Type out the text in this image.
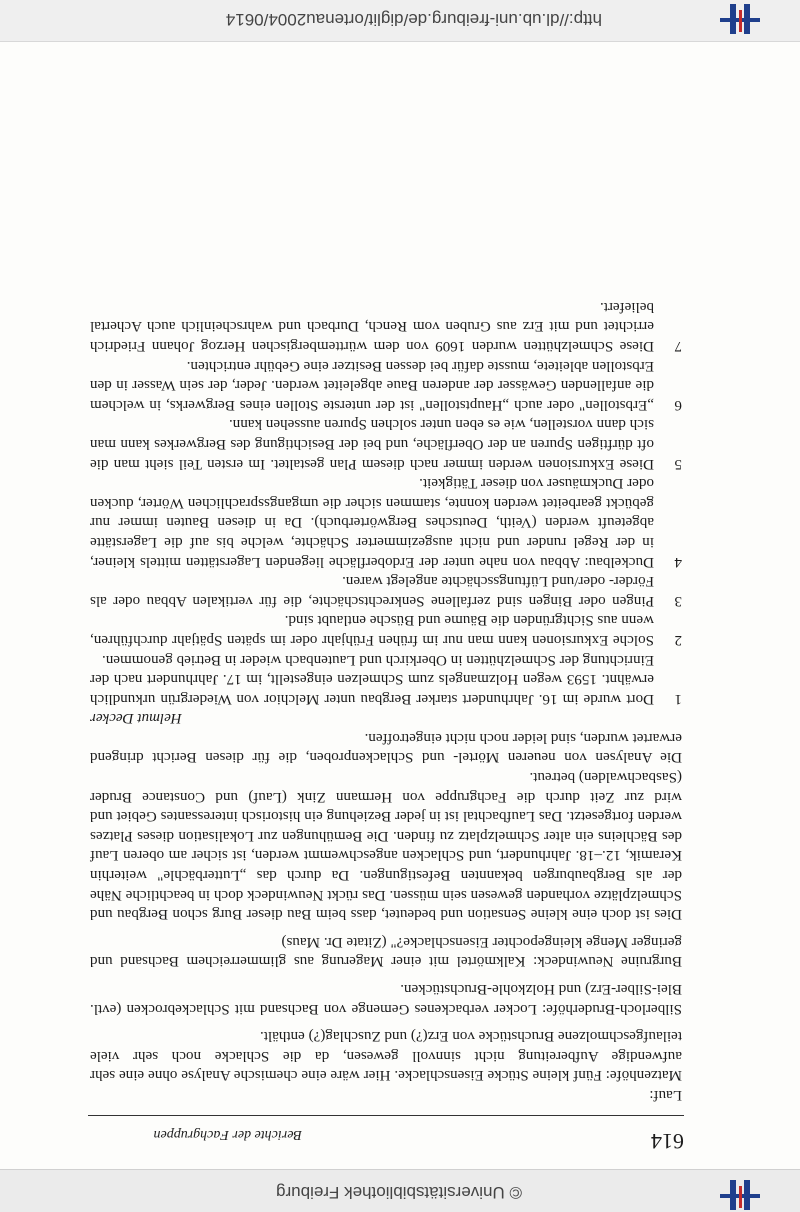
© Universitätsbibliothek Freiburg
http://dl.ub.uni-freiburg.de/diglit/ortenau2004/0614
614
Berichte der Fachgruppen

Lauf:

Matzenhöfe: Fünf kleine Stücke Eisenschlacke. Hier wäre eine chemische Analyse ohne eine sehr aufwendige Aufbereitung nicht sinnvoll gewesen, da die Schlacke noch sehr viele teilaufgeschmolzene Bruchstücke von Erz(?) und Zuschlag(?) enthält.

Silberloch-Bruderhöfe: Locker verbackenes Gemenge von Bachsand mit Schlackebrocken (evtl. Blei-Silber-Erz) und Holzkohle-Bruchstücken.

Burgruine Neuwindeck: Kalkmörtel mit einer Magerung aus glimmerreichem Bachsand und geringer Menge kleingepochter Eisenschlacke?" (Zitate Dr. Maus)

Dies ist doch eine kleine Sensation und bedeutet, dass beim Bau dieser Burg schon Bergbau und Schmelzplätze vorhanden gewesen sein müssen. Das rückt Neuwindeck doch in beachtliche Nähe der als Bergbauburgen bekannten Befestigungen. Da durch das „Lutterbächle" weiterhin Keramik, 12.–18. Jahrhundert, und Schlacken angeschwemmt werden, ist sicher am oberen Lauf des Bächleins ein alter Schmelzplatz zu finden. Die Bemühungen zur Lokalisation dieses Platzes werden fortgesetzt. Das Laufbachtal ist in jeder Beziehung ein historisch interessantes Gebiet und wird zur Zeit durch die Fachgruppe von Hermann Zink (Lauf) und Constance Bruder (Sasbachwalden) betreut.

Die Analysen von neueren Mörtel- und Schlackenproben, die für diesen Bericht dringend erwartet wurden, sind leider noch nicht eingetroffen.

Helmut Decker

1
Dort wurde im 16. Jahrhundert starker Bergbau unter Melchior von Wiedergrün urkundlich erwähnt. 1593 wegen Holzmangels zum Schmelzen eingestellt, im 17. Jahrhundert nach der Einrichtung der Schmelzhütten in Oberkirch und Lautenbach wieder in Betrieb genommen.
2
Solche Exkursionen kann man nur im frühen Frühjahr oder im späten Spätjahr durchführen, wenn aus Sichtgründen die Bäume und Büsche entlaubt sind.
3
Pingen oder Bingen sind zerfallene Senkrechtschächte, die für vertikalen Abbau oder als Förder- oder/und Lüftungsschächte angelegt waren.
4
Duckelbau: Abbau von nahe unter der Erdoberfläche liegenden Lagerstätten mittels kleiner, in der Regel runder und nicht ausgezimmerter Schächte, welche bis auf die Lagerstätte abgeteuft werden (Veith, Deutsches Bergwörterbuch). Da in diesen Bauten immer nur gebückt gearbeitet werden konnte, stammen sicher die umgangssprachlichen Wörter, ducken oder Duckmäuser von dieser Tätigkeit.
5
Diese Exkursionen werden immer nach diesem Plan gestaltet. Im ersten Teil sieht man die oft dürftigen Spuren an der Oberfläche, und bei der Besichtigung des Bergwerkes kann man sich dann vorstellen, wie es eben unter solchen Spuren aussehen kann.
6
„Erbstollen" oder auch „Hauptstollen" ist der unterste Stollen eines Bergwerks, in welchem die anfallenden Gewässer der anderen Baue abgeleitet werden. Jeder, der sein Wasser in den Erbstollen ableitete, musste dafür bei dessen Besitzer eine Gebühr entrichten.
7
Diese Schmelzhütten wurden 1609 von dem württembergischen Herzog Johann Friedrich errichtet und mit Erz aus Gruben vom Rench, Durbach und wahrscheinlich auch Achertal beliefert.
